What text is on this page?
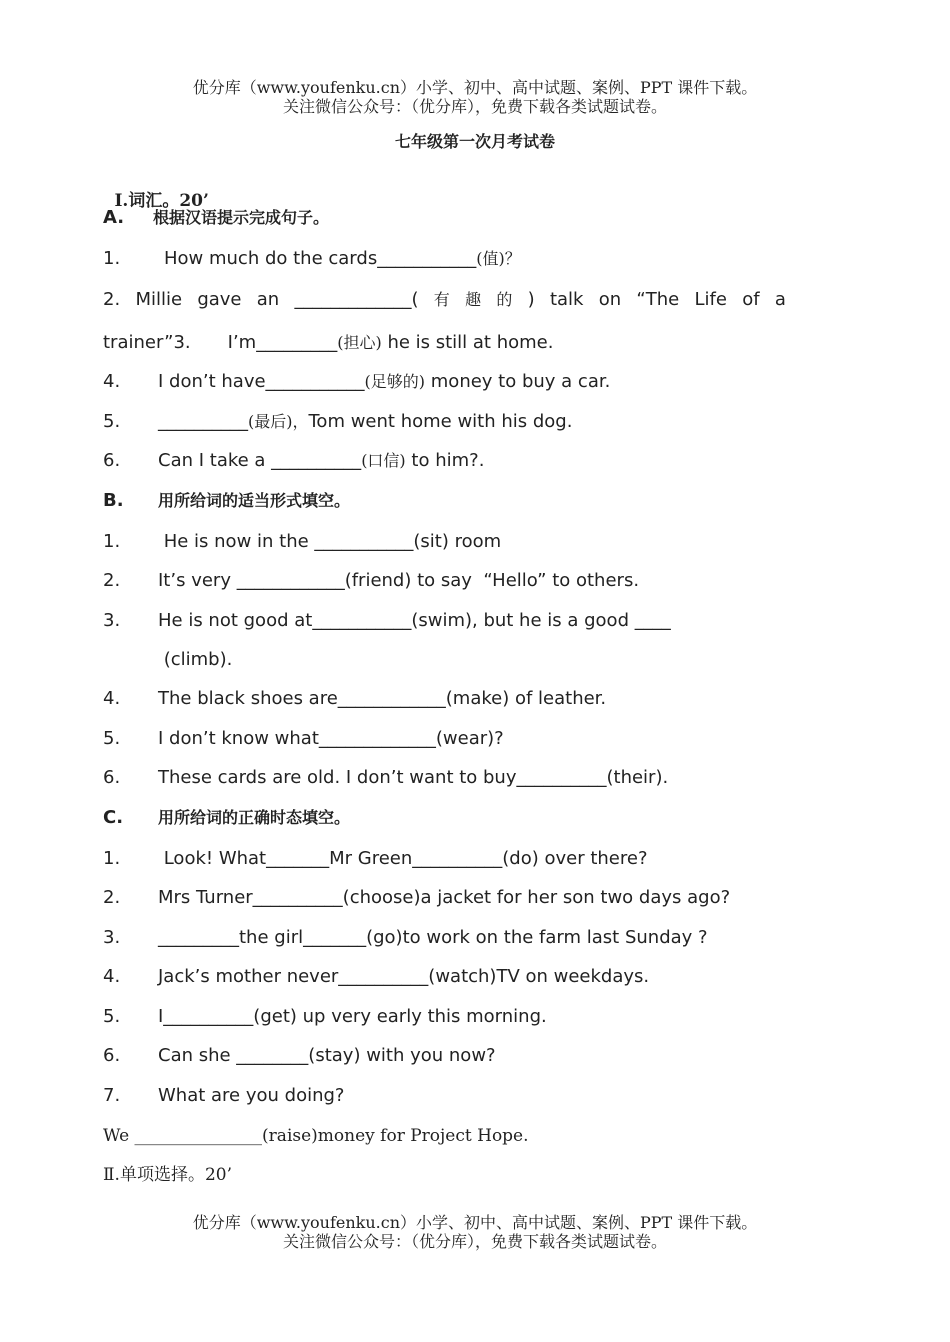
优分库（www.youfenku.cn）小学、初中、高中试题、案例、PPT 课件下载。
关注微信公众号：（优分库），免费下载各类试题试卷。
七年级第一次月考试卷

Ⅰ.词汇。20’

A. 根据汉语提示完成句子。
1. How much do the cards___________(值)？
2. Millie gave an _____________( 有 趣 的 ) talk on “The Life of a
trainer”3. I’m_________(担心) he is still at home.
4. I don’t have___________(足够的) money to buy a car.
5. __________(最后)，Tom went home with his dog.
6. Can I take a __________(口信) to him?.
B. 用所给词的适当形式填空。
1. He is now in the ___________(sit) room
2. It’s very ____________(friend) to say  “Hello” to others.
3. He is not good at___________(swim), but he is a good ____
(climb).
4. The black shoes are____________(make) of leather.
5. I don’t know what_____________(wear)?
6. These cards are old. I don’t want to buy__________(their).
C. 用所给词的正确时态填空。
1. Look! What_______Mr Green__________(do) over there?
2. Mrs Turner__________(choose)a jacket for her son two days ago?
3. _________the girl_______(go)to work on the farm last Sunday ?
4. Jack’s mother never__________(watch)TV on weekdays.
5. I__________(get) up very early this morning.
6. Can she ________(stay) with you now?
7. What are you doing?
We _______________(raise)money for Project Hope.
Ⅱ.单项选择。20’
优分库（www.youfenku.cn）小学、初中、高中试题、案例、PPT 课件下载。
关注微信公众号：（优分库），免费下载各类试题试卷。
